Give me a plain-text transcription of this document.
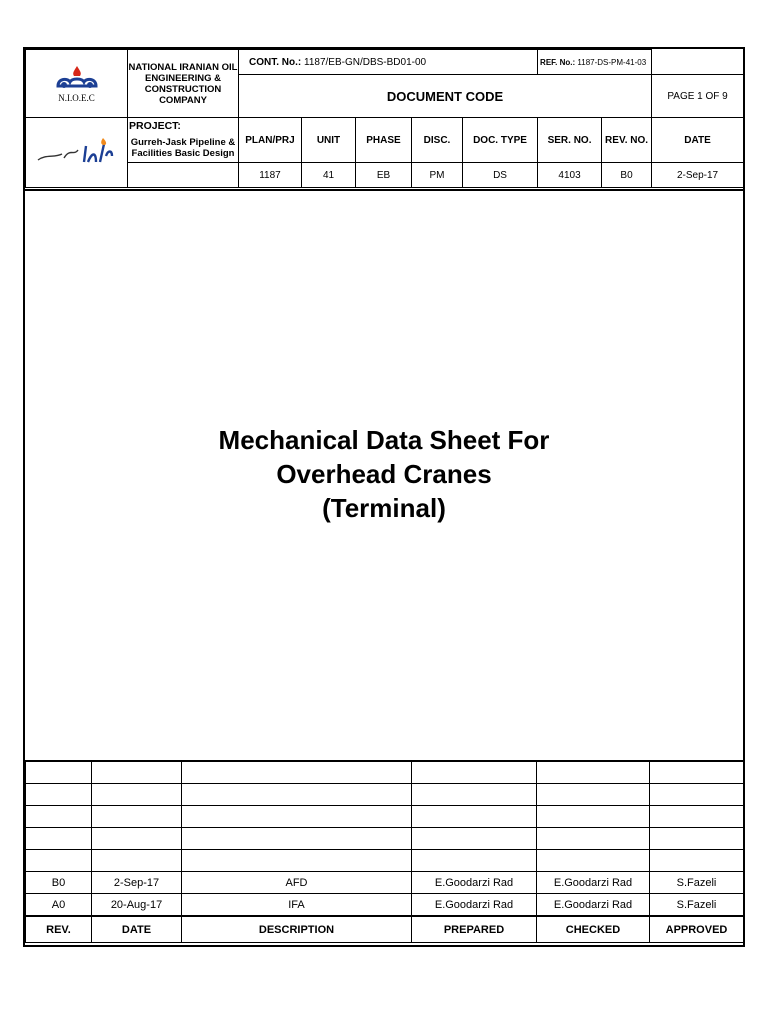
N.I.O.E.C	NATIONAL IRANIAN OIL ENGINEERING & CONSTRUCTION COMPANY	CONT. No.: 1187/EB-GN/DBS-BD01-00					REF. No.: 1187-DS-PM-41-03		
		DOCUMENT CODE							PAGE 1 OF 9

PROJECT:	PLAN/PRJ	UNIT	PHASE	DISC.	DOC. TYPE	SER. NO.	REV. NO.	DATE

	Gurreh-Jask Pipeline & Facilities Basic Design	1187	41	EB	PM	DS	4103	B0	2-Sep-17
Mechanical Data Sheet For
Overhead Cranes
(Terminal)

B0	2-Sep-17	AFD	E.Goodarzi Rad	E.Goodarzi Rad	S.Fazeli
A0	20-Aug-17	IFA	E.Goodarzi Rad	E.Goodarzi Rad	S.Fazeli
REV.	DATE	DESCRIPTION	PREPARED	CHECKED	APPROVED
